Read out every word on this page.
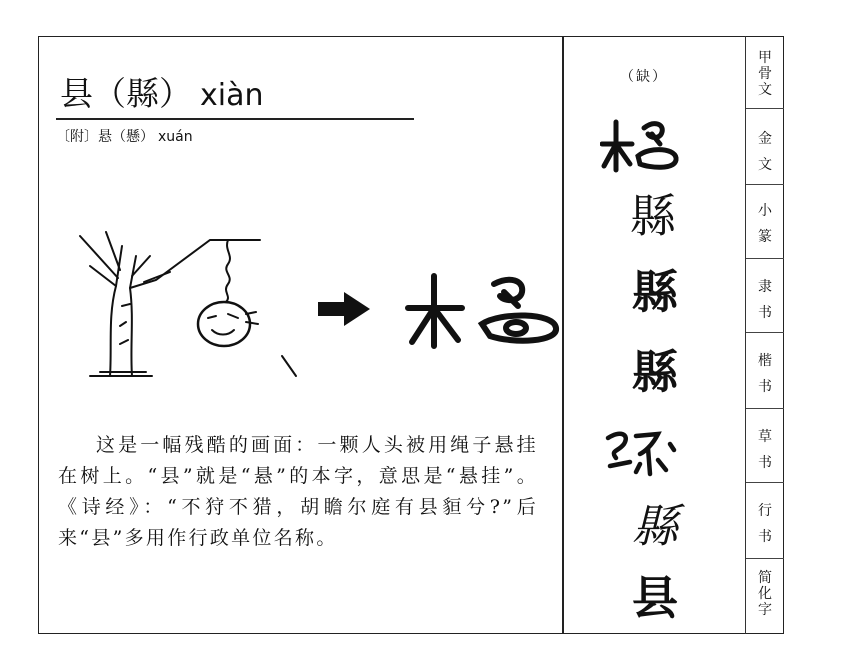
县（縣） xiàn
〔附〕悬（懸） xuán

这是一幅残酷的画面：一颗人头被用绳子悬挂在树上。“县”就是“悬”的本字，意思是“悬挂”。《诗经》：“不狩不猎，胡瞻尔庭有县貆兮?”后来“县”多用作行政单位名称。

（缺）
縣
縣
縣
縣
县
甲骨文
金文
小篆
隶书
楷书
草书
行书
简化字
